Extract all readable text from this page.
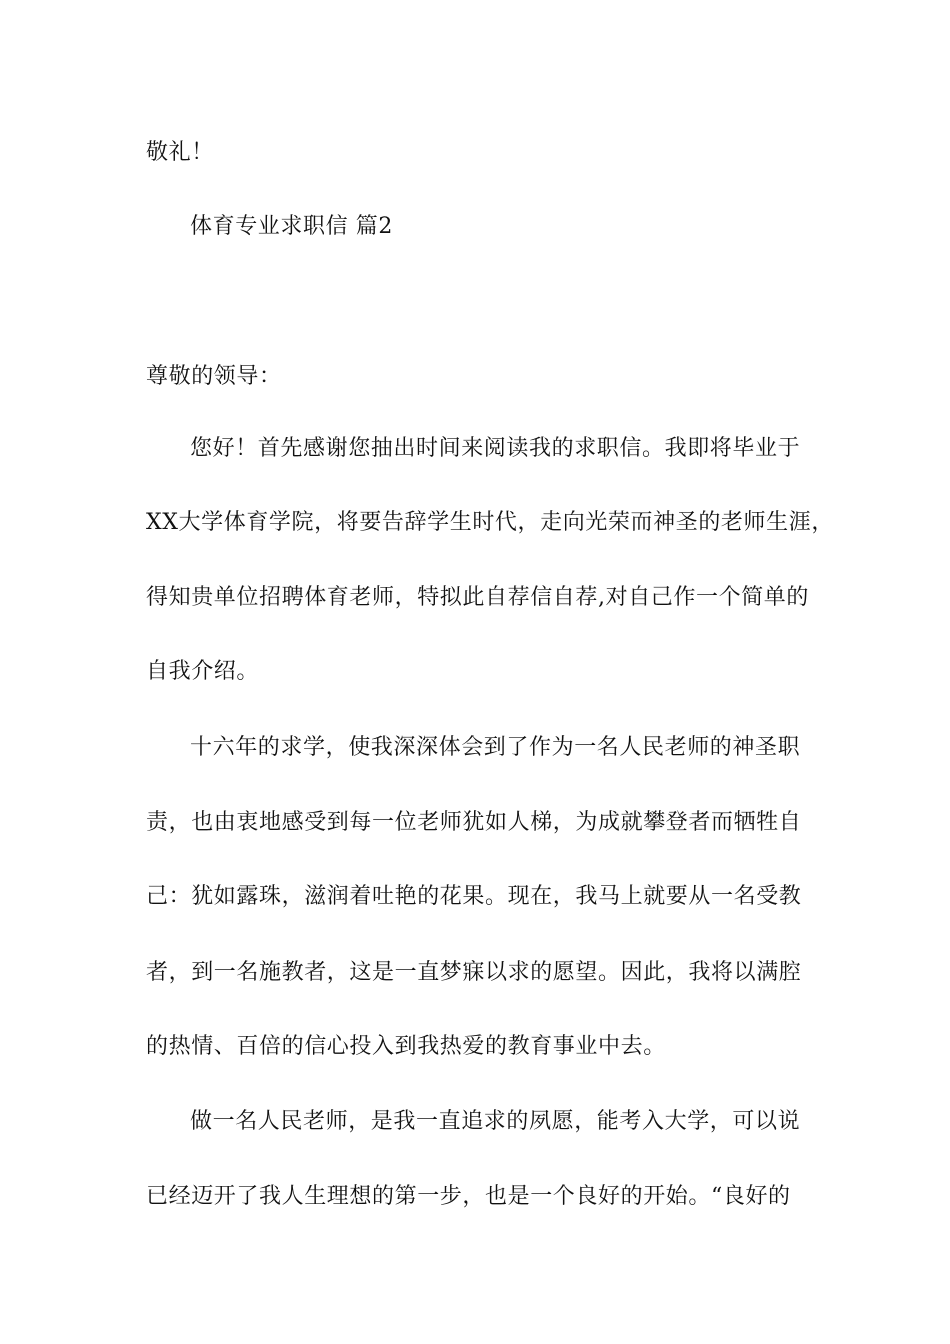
敬礼！
体育专业求职信 篇2
尊敬的领导：
您好！首先感谢您抽出时间来阅读我的求职信。我即将毕业于
XX大学体育学院，将要告辞学生时代，走向光荣而神圣的老师生涯，
得知贵单位招聘体育老师，特拟此自荐信自荐,对自己作一个简单的
自我介绍。
十六年的求学，使我深深体会到了作为一名人民老师的神圣职
责，也由衷地感受到每一位老师犹如人梯，为成就攀登者而牺牲自
己：犹如露珠，滋润着吐艳的花果。现在，我马上就要从一名受教
者，到一名施教者，这是一直梦寐以求的愿望。因此，我将以满腔
的热情、百倍的信心投入到我热爱的教育事业中去。
做一名人民老师，是我一直追求的夙愿，能考入大学，可以说
已经迈开了我人生理想的第一步，也是一个良好的开始。“良好的
